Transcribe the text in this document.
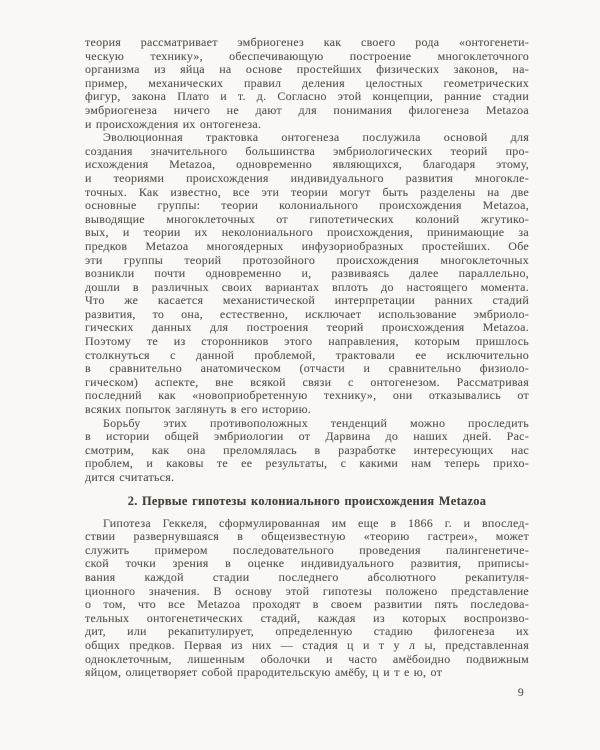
теория рассматривает эмбриогенез как своего рода «онтогенети-
ческую технику», обеспечивающую построение многоклеточного
организма из яйца на основе простейших физических законов, на-
пример, механических правил деления целостных геометрических
фигур, закона Плато и т. д. Согласно этой концепции, ранние стадии
эмбриогенеза ничего не дают для понимания филогенеза Metazoa
и происхождения их онтогенеза.
Эволюционная трактовка онтогенеза послужила основой для
создания значительного большинства эмбриологических теорий про-
исхождения Metazoa, одновременно являющихся, благодаря этому,
и теориями происхождения индивидуального развития многокле-
точных. Как известно, все эти теории могут быть разделены на две
основные группы: теории колониального происхождения Metazoa,
выводящие многоклеточных от гипотетических колоний жгутико-
вых, и теории их неколониального происхождения, принимающие за
предков Metazoa многоядерных инфузориобразных простейших. Обе
эти группы теорий протозойного происхождения многоклеточных
возникли почти одновременно и, развиваясь далее параллельно,
дошли в различных своих вариантах вплоть до настоящего момента.
Что же касается механистической интерпретации ранних стадий
развития, то она, естественно, исключает использование эмбриоло-
гических данных для построения теорий происхождения Metazoa.
Поэтому те из сторонников этого направления, которым пришлось
столкнуться с данной проблемой, трактовали ее исключительно
в сравнительно анатомическом (отчасти и сравнительно физиоло-
гическом) аспекте, вне всякой связи с онтогенезом. Рассматривая
последний как «новоприобретенную технику», они отказывались от
всяких попыток заглянуть в его историю.
Борьбу этих противоположных тенденций можно проследить
в истории общей эмбриологии от Дарвина до наших дней. Рас-
смотрим, как она преломлялась в разработке интересующих нас
проблем, и каковы те ее результаты, с какими нам теперь прихо-
дится считаться.
2. Первые гипотезы колониального происхождения Metazoa
Гипотеза Геккеля, сформулированная им еще в 1866 г. и впослед-
ствии развернувшаяся в общеизвестную «теорию гастреи», может
служить примером последовательного проведения палингенетиче-
ской точки зрения в оценке индивидуального развития, приписы-
вания каждой стадии последнего абсолютного рекапитуля-
ционного значения. В основу этой гипотезы положено представление
о том, что все Metazoa проходят в своем развитии пять последова-
тельных онтогенетических стадий, каждая из которых воспроизво-
дит, или рекапитулирует, определенную стадию филогенеза их
общих предков. Первая из них — стадия ц и т у л ы, представленная
одноклеточным, лишенным оболочки и часто амёбоидно подвижным
яйцом, олицетворяет собой прародительскую амёбу, ц и т е ю, от
9
